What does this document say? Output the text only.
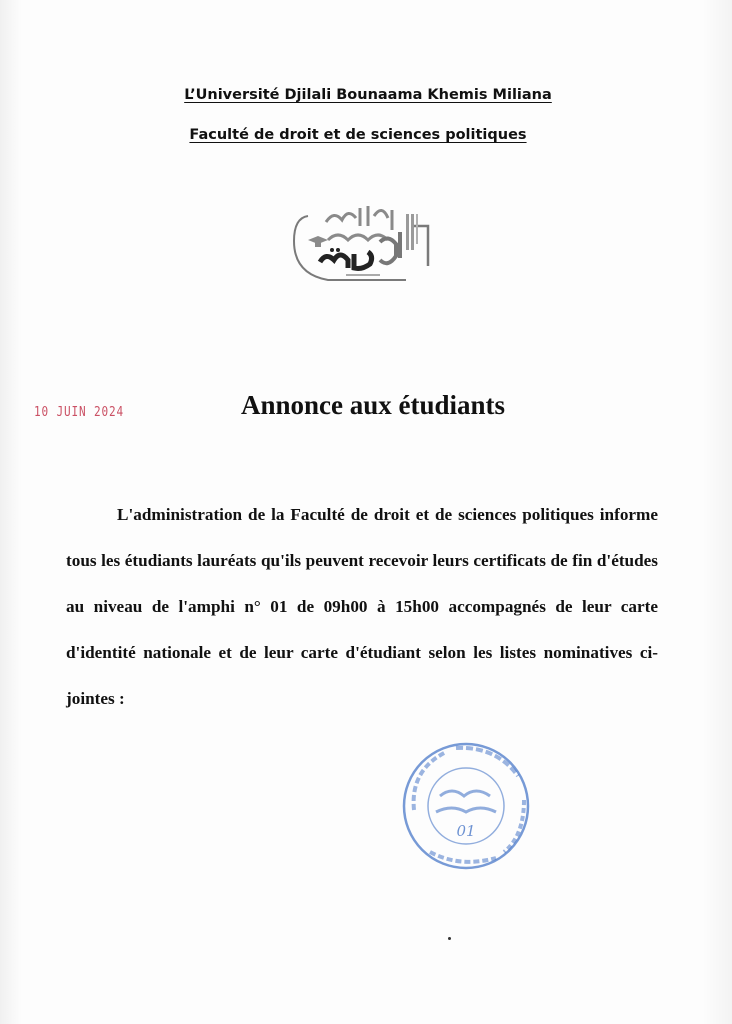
L’Université Djilali Bounaama Khemis Miliana
Faculté de droit et de sciences politiques
10 JUIN 2024	Annonce aux étudiants

L'administration de la Faculté de droit et de sciences politiques informe tous les étudiants lauréats qu'ils peuvent recevoir leurs certificats de fin d'études au niveau de l'amphi n° 01 de 09h00 à 15h00 accompagnés de leur carte d'identité nationale et de leur carte d'étudiant selon les listes nominatives ci-jointes :

01
